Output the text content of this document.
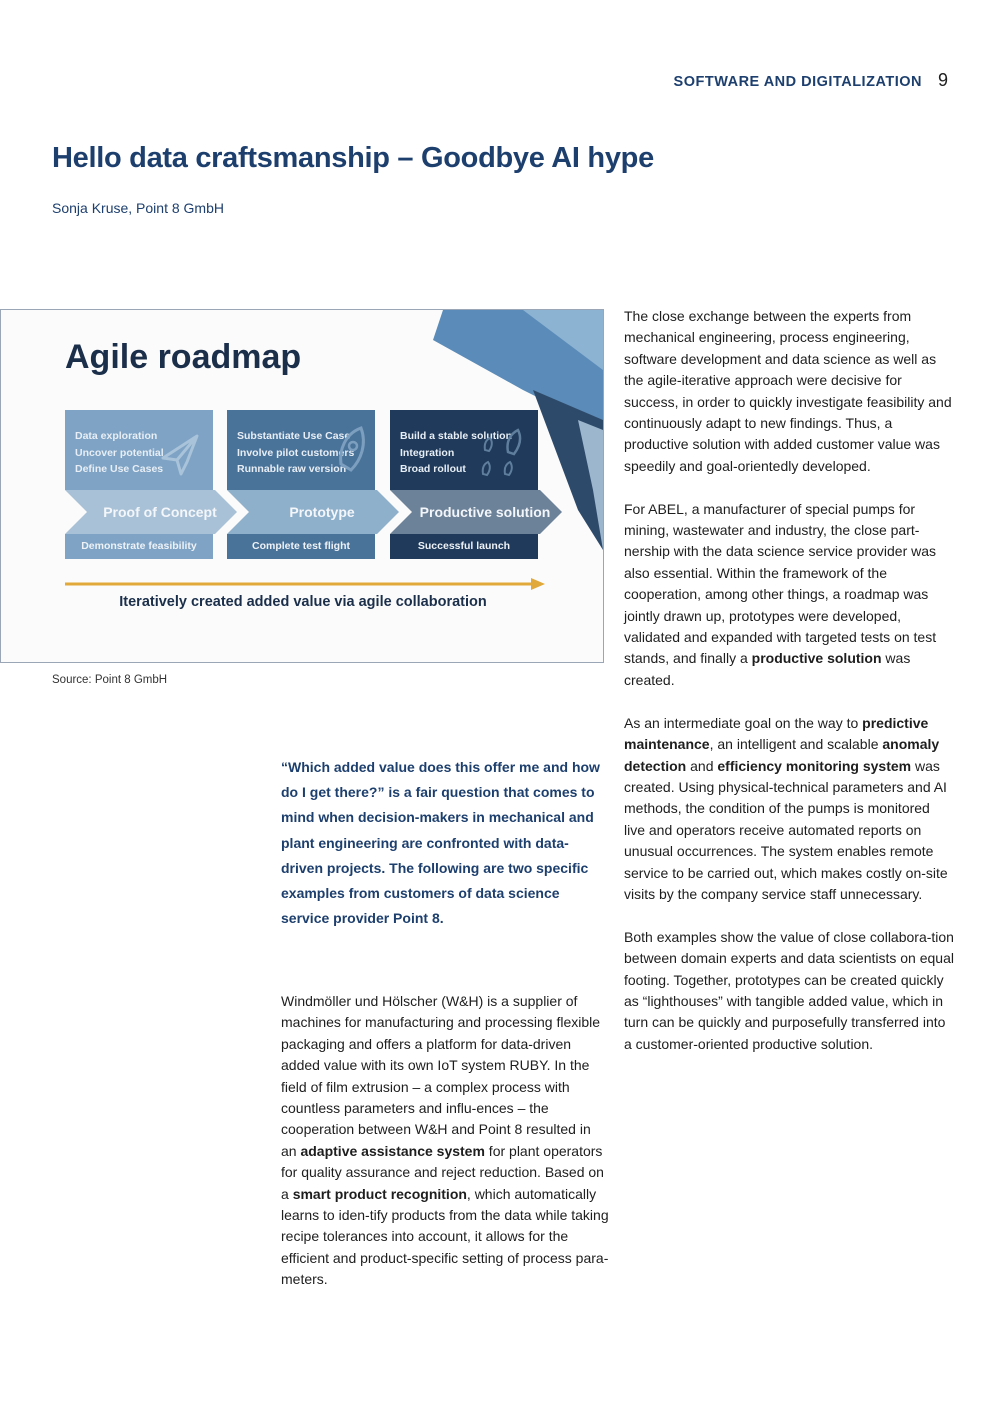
SOFTWARE AND DIGITALIZATION 9
Hello data craftsmanship – Goodbye AI hype
Sonja Kruse, Point 8 GmbH
Agile roadmap
Data exploration
Uncover potential
Define Use Cases
Proof of Concept
Demonstrate feasibility
Substantiate Use Case
Involve pilot customers
Runnable raw version
Prototype
Complete test flight
Build a stable solution
Integration
Broad rollout
Productive solution
Successful launch
Iteratively created added value via agile collaboration
Source: Point 8 GmbH
“Which added value does this offer me and how do I get there?” is a fair question that comes to mind when decision-makers in mechanical and plant engineering are confronted with data-driven projects. The following are two specific examples from customers of data science service provider Point 8.

Windmöller und Hölscher (W&H) is a supplier of machines for manufacturing and processing flexible packaging and offers a platform for data-driven added value with its own IoT system RUBY. In the field of film extrusion – a complex process with countless parameters and influ-ences – the cooperation between W&H and Point 8 resulted in an adaptive assistance system for plant operators for quality assurance and reject reduction. Based on a smart product recognition, which automatically learns to iden-tify products from the data while taking recipe tolerances into account, it allows for the efficient and product-specific setting of process para-meters.

The close exchange between the experts from mechanical engineering, process engineering, software development and data science as well as the agile-iterative approach were decisive for success, in order to quickly investigate feasibility and continuously adapt to new findings. Thus, a productive solution with added customer value was speedily and goal-orientedly developed.

For ABEL, a manufacturer of special pumps for mining, wastewater and industry, the close part-nership with the data science service provider was also essential. Within the framework of the cooperation, among other things, a roadmap was jointly drawn up, prototypes were developed, validated and expanded with targeted tests on test stands, and finally a productive solution was created.

As an intermediate goal on the way to predictive maintenance, an intelligent and scalable anomaly detection and efficiency monitoring system was created. Using physical-technical parameters and AI methods, the condition of the pumps is monitored live and operators receive automated reports on unusual occurrences. The system enables remote service to be carried out, which makes costly on-site visits by the company service staff unnecessary.

Both examples show the value of close collabora-tion between domain experts and data scientists on equal footing. Together, prototypes can be created quickly as “lighthouses” with tangible added value, which in turn can be quickly and purposefully transferred into a customer-oriented productive solution.
